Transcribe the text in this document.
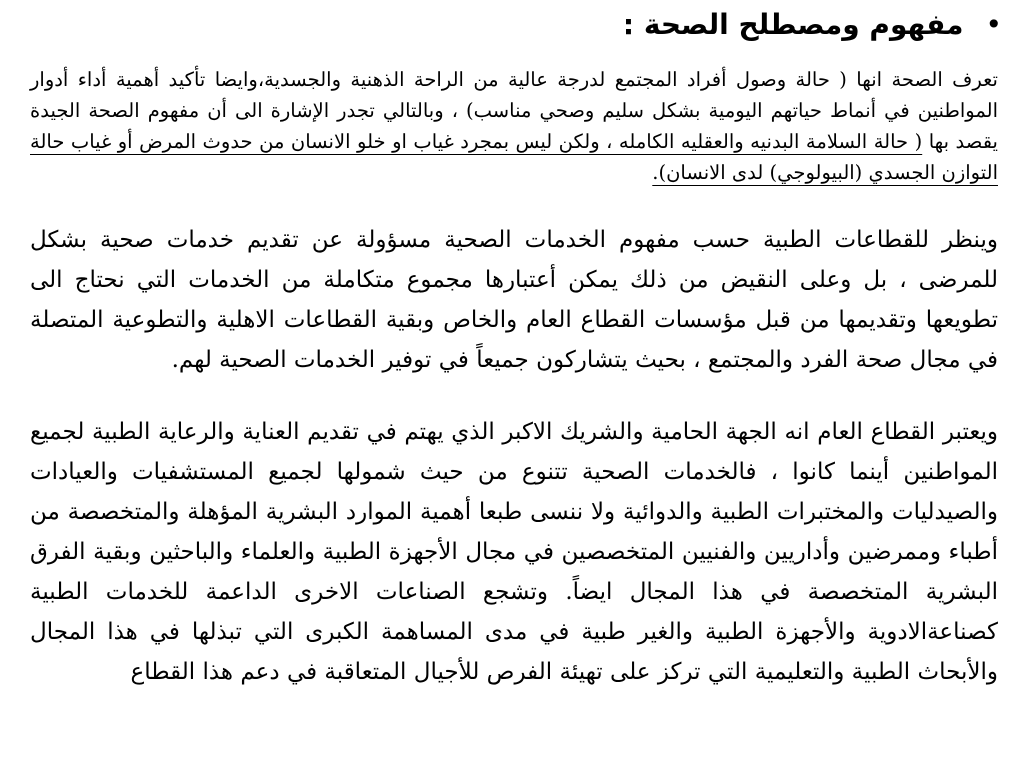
•
مفهوم ومصطلح الصحة :

تعرف الصحة انها ( حالة وصول أفراد المجتمع لدرجة عالية من الراحة الذهنية والجسدية،وايضا تأكيد أهمية أداء أدوار المواطنين في أنماط حياتهم اليومية بشكل سليم وصحي مناسب) ، وبالتالي تجدر الإشارة الى أن مفهوم الصحة الجيدة يقصد بها ( حالة السلامة البدنيه والعقليه الكامله ، ولكن ليس بمجرد غياب او خلو الانسان من حدوث المرض أو غياب حالة التوازن الجسدي (البيولوجي) لدى الانسان).

وينظر للقطاعات الطبية حسب مفهوم الخدمات الصحية مسؤولة عن تقديم خدمات صحية بشكل للمرضى ، بل وعلى النقيض من ذلك يمكن أعتبارها مجموع متكاملة من الخدمات التي نحتاج الى تطويعها وتقديمها من قبل مؤسسات القطاع العام والخاص وبقية القطاعات الاهلية والتطوعية المتصلة في مجال صحة الفرد والمجتمع ، بحيث يتشاركون جميعاً في توفير الخدمات الصحية لهم.

ويعتبر القطاع العام انه الجهة الحامية والشريك الاكبر الذي يهتم في تقديم العناية والرعاية الطبية لجميع المواطنين أينما كانوا ، فالخدمات الصحية تتنوع من حيث شمولها لجميع المستشفيات والعيادات والصيدليات والمختبرات الطبية والدوائية ولا ننسى طبعا أهمية الموارد البشرية المؤهلة والمتخصصة من أطباء وممرضين وأداريين والفنيين المتخصصين في مجال الأجهزة الطبية والعلماء والباحثين وبقية الفرق البشرية المتخصصة في هذا المجال ايضاً. وتشجع الصناعات الاخرى الداعمة للخدمات الطبية كصناعةالادوية والأجهزة الطبية والغير طبية في مدى المساهمة الكبرى التي تبذلها في هذا المجال والأبحاث الطبية والتعليمية التي تركز على تهيئة الفرص للأجيال المتعاقبة في دعم هذا القطاع
